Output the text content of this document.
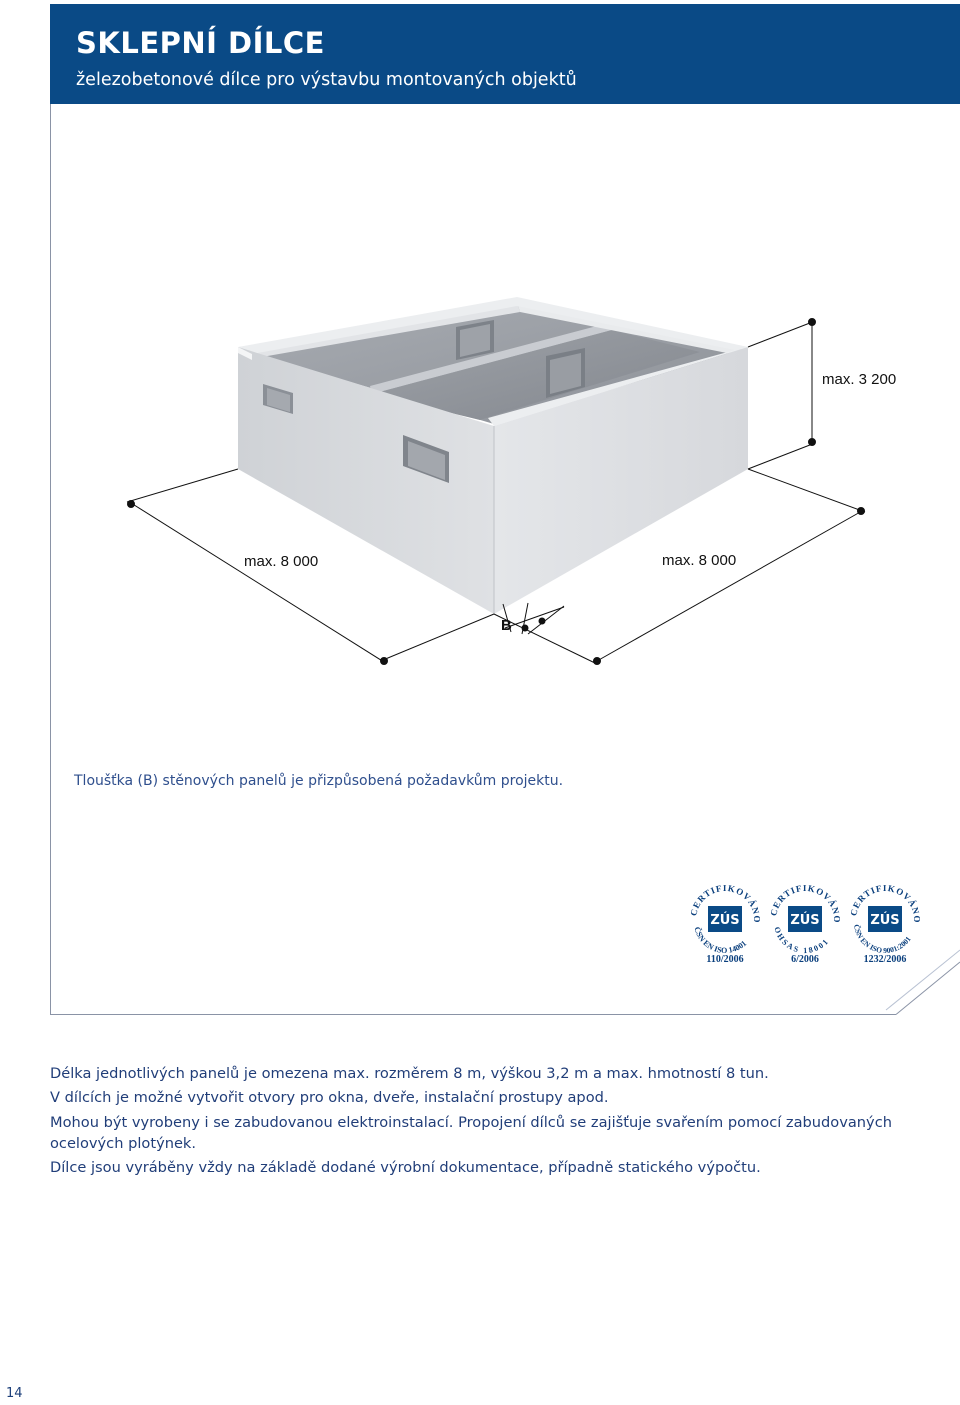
SKLEPNÍ DÍLCE

železobetonové dílce pro výstavbu montovaných objektů

max. 3 200
max. 8 000	max. 8 000
B

Tloušťka (B) stěnových panelů je přizpůsobená požadavkům projektu.

CERTIFIKOVÁNO
ČSN EN ISO 14001
ZÚS
110/2006
CERTIFIKOVÁNO
OHSAS 18001
ZÚS
6/2006
CERTIFIKOVÁNO
ČSN EN ISO 9001:2001
ZÚS
1232/2006

Délka jednotlivých panelů je omezena max. rozměrem 8 m, výškou 3,2 m a max. hmotností 8 tun.

V dílcích je možné vytvořit otvory pro okna, dveře, instalační prostupy apod.

Mohou být vyrobeny i se zabudovanou elektroinstalací. Propojení dílců se zajišťuje svařením pomocí zabudovaných ocelových plotýnek.

Dílce jsou vyráběny vždy na základě dodané výrobní dokumentace, případně statického výpočtu.

14
